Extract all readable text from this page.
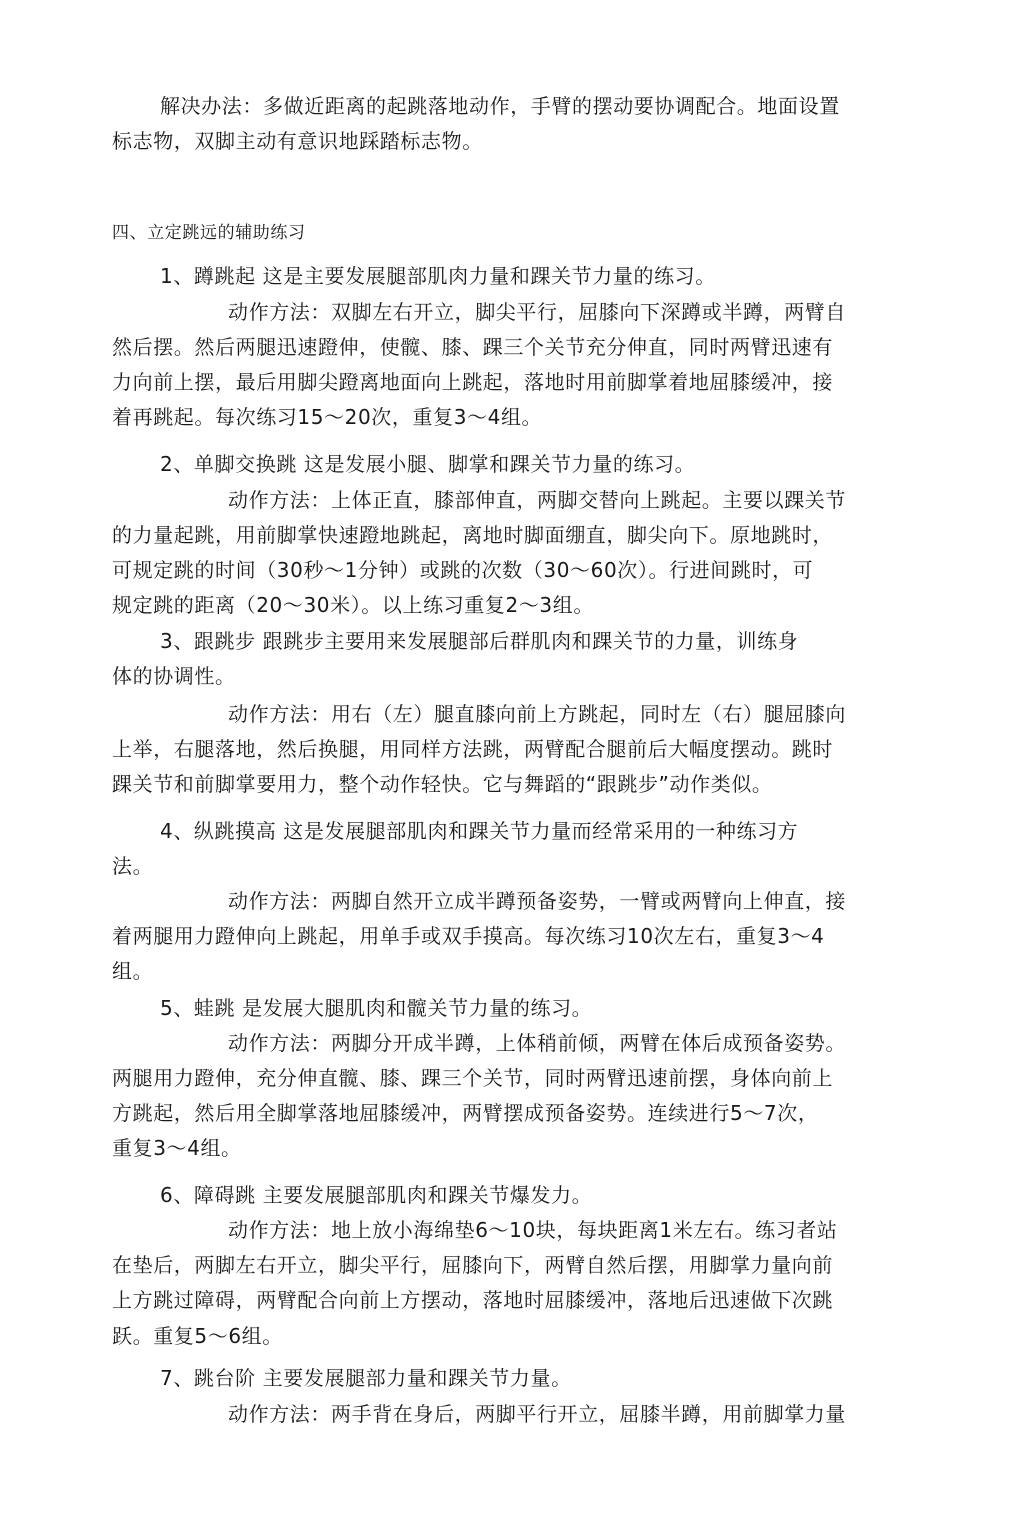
解决办法：多做近距离的起跳落地动作，手臂的摆动要协调配合。地面设置
标志物，双脚主动有意识地踩踏标志物。
四、立定跳远的辅助练习
1、蹲跳起 这是主要发展腿部肌肉力量和踝关节力量的练习。
动作方法：双脚左右开立，脚尖平行，屈膝向下深蹲或半蹲，两臂自
然后摆。然后两腿迅速蹬伸，使髋、膝、踝三个关节充分伸直，同时两臂迅速有
力向前上摆，最后用脚尖蹬离地面向上跳起，落地时用前脚掌着地屈膝缓冲，接
着再跳起。每次练习15～20次，重复3～4组。
2、单脚交换跳 这是发展小腿、脚掌和踝关节力量的练习。
动作方法：上体正直，膝部伸直，两脚交替向上跳起。主要以踝关节
的力量起跳，用前脚掌快速蹬地跳起，离地时脚面绷直，脚尖向下。原地跳时，
可规定跳的时间（30秒～1分钟）或跳的次数（30～60次）。行进间跳时，可
规定跳的距离（20～30米）。以上练习重复2～3组。
3、跟跳步 跟跳步主要用来发展腿部后群肌肉和踝关节的力量，训练身
体的协调性。
动作方法：用右（左）腿直膝向前上方跳起，同时左（右）腿屈膝向
上举，右腿落地，然后换腿，用同样方法跳，两臂配合腿前后大幅度摆动。跳时
踝关节和前脚掌要用力，整个动作轻快。它与舞蹈的“跟跳步”动作类似。
4、纵跳摸高 这是发展腿部肌肉和踝关节力量而经常采用的一种练习方
法。
动作方法：两脚自然开立成半蹲预备姿势，一臂或两臂向上伸直，接
着两腿用力蹬伸向上跳起，用单手或双手摸高。每次练习10次左右，重复3～4
组。
5、蛙跳 是发展大腿肌肉和髋关节力量的练习。
动作方法：两脚分开成半蹲，上体稍前倾，两臂在体后成预备姿势。
两腿用力蹬伸，充分伸直髋、膝、踝三个关节，同时两臂迅速前摆，身体向前上
方跳起，然后用全脚掌落地屈膝缓冲，两臂摆成预备姿势。连续进行5～7次，
重复3～4组。
6、障碍跳 主要发展腿部肌肉和踝关节爆发力。
动作方法：地上放小海绵垫6～10块，每块距离1米左右。练习者站
在垫后，两脚左右开立，脚尖平行，屈膝向下，两臂自然后摆，用脚掌力量向前
上方跳过障碍，两臂配合向前上方摆动，落地时屈膝缓冲，落地后迅速做下次跳
跃。重复5～6组。
7、跳台阶 主要发展腿部力量和踝关节力量。
动作方法：两手背在身后，两脚平行开立，屈膝半蹲，用前脚掌力量
